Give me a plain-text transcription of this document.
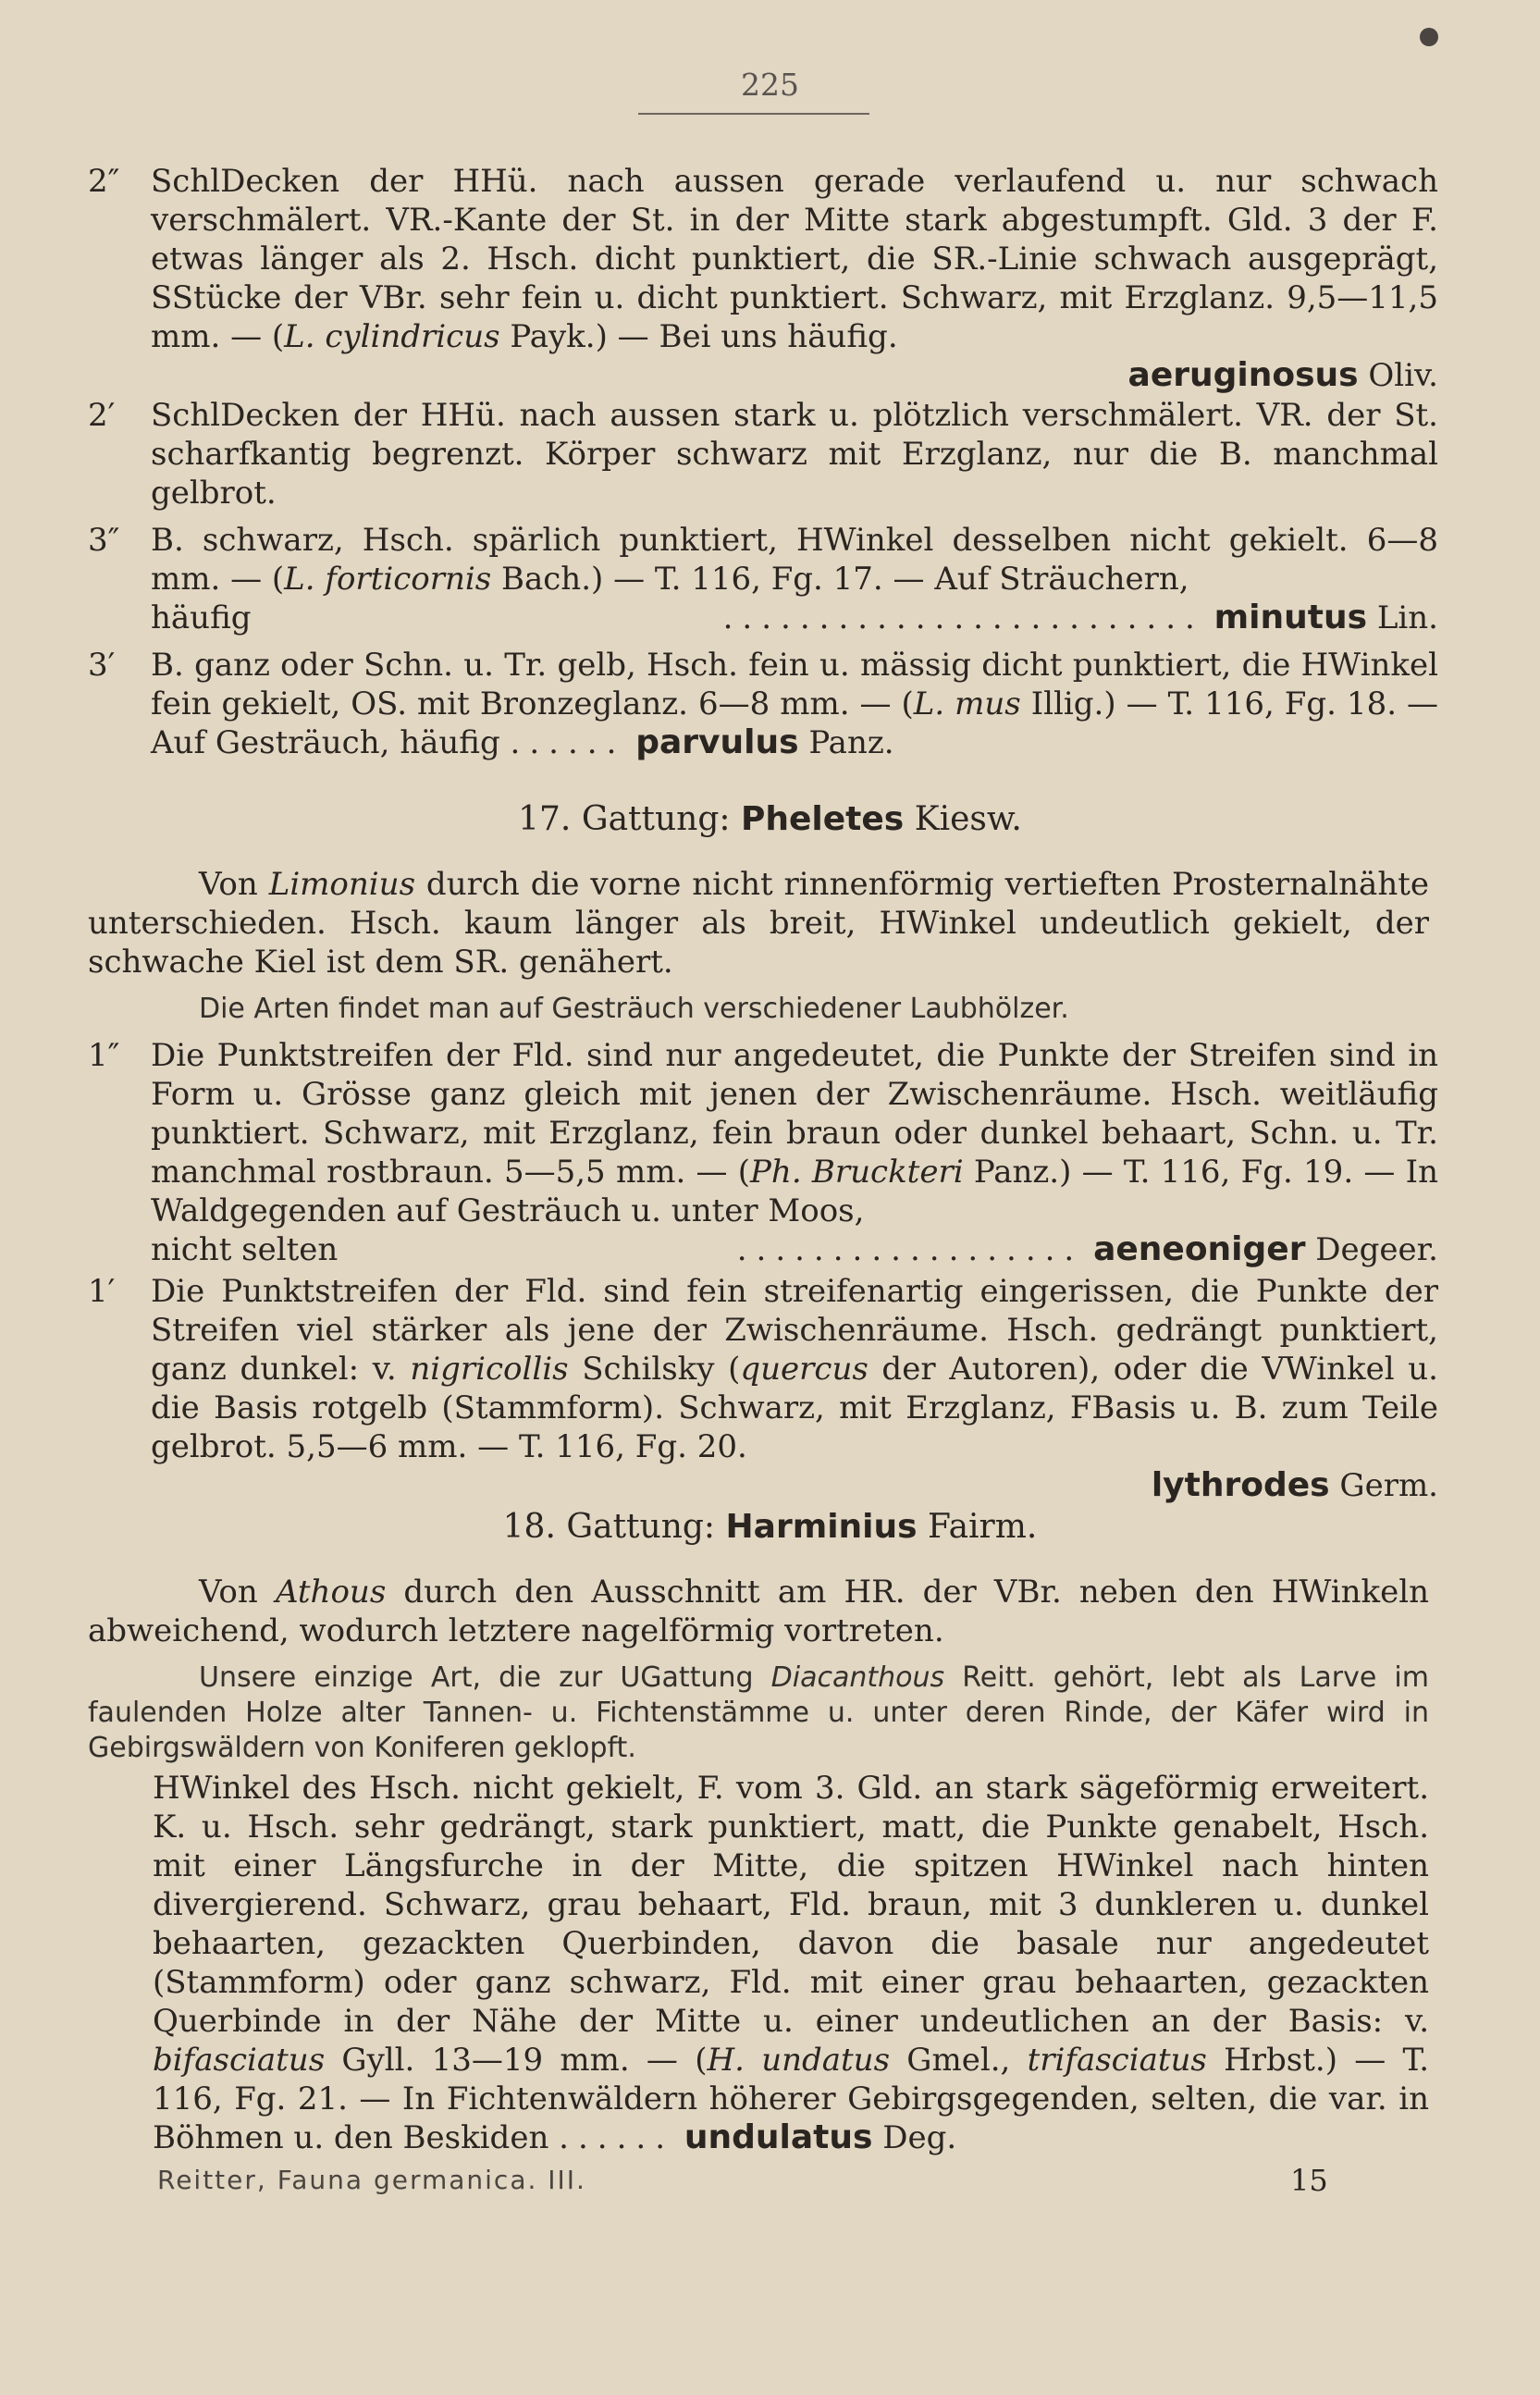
225
2″ SchlDecken der HHü. nach aussen gerade verlaufend u. nur schwach verschmälert. VR.-Kante der St. in der Mitte stark abgestumpft. Gld. 3 der F. etwas länger als 2. Hsch. dicht punktiert, die SR.-Linie schwach ausgeprägt, SStücke der VBr. sehr fein u. dicht punktiert. Schwarz, mit Erzglanz. 9,5—11,5 mm. — (L. cylindricus Payk.) — Bei uns häufig.
aeruginosus Oliv.
2′	SchlDecken der HHü. nach aussen stark u. plötzlich verschmälert. VR. der St. scharfkantig begrenzt. Körper schwarz mit Erzglanz, nur die B. manchmal gelbrot.
3″ B. schwarz, Hsch. spärlich punktiert, HWinkel desselben nicht gekielt. 6—8 mm. — (L. forticornis Bach.) — T. 116, Fg. 17. — Auf Sträuchern,
häufig	......................... minutus Lin.
3′	B. ganz oder Schn. u. Tr. gelb, Hsch. fein u. mässig dicht punktiert, die HWinkel fein gekielt, OS. mit Bronzeglanz. 6—8 mm. — (L. mus Illig.) — T. 116, Fg. 18. — Auf Gesträuch, häufig ...... parvulus Panz.
17. Gattung: Pheletes Kiesw.
Von Limonius durch die vorne nicht rinnenförmig vertieften Prosternalnähte unterschieden. Hsch. kaum länger als breit, HWinkel undeutlich gekielt, der schwache Kiel ist dem SR. genähert.
Die Arten findet man auf Gesträuch verschiedener Laubhölzer.
1″ Die Punktstreifen der Fld. sind nur angedeutet, die Punkte der Streifen sind in Form u. Grösse ganz gleich mit jenen der Zwischenräume. Hsch. weitläufig punktiert. Schwarz, mit Erzglanz, fein braun oder dunkel behaart, Schn. u. Tr. manchmal rostbraun. 5—5,5 mm. — (Ph. Bruckteri Panz.) — T. 116, Fg. 19. — In Waldgegenden auf Gesträuch u. unter Moos,
nicht selten	.................. aeneoniger Degeer.
1′	Die Punktstreifen der Fld. sind fein streifenartig eingerissen, die Punkte der Streifen viel stärker als jene der Zwischenräume. Hsch. gedrängt punktiert, ganz dunkel: v. nigricollis Schilsky (quercus der Autoren), oder die VWinkel u. die Basis rotgelb (Stammform). Schwarz, mit Erzglanz, FBasis u. B. zum Teile gelbrot. 5,5—6 mm. — T. 116, Fg. 20.
lythrodes Germ.
18. Gattung: Harminius Fairm.
Von Athous durch den Ausschnitt am HR. der VBr. neben den HWinkeln abweichend, wodurch letztere nagelförmig vortreten.
Unsere einzige Art, die zur UGattung Diacanthous Reitt. gehört, lebt als Larve im faulenden Holze alter Tannen- u. Fichtenstämme u. unter deren Rinde, der Käfer wird in Gebirgswäldern von Koniferen geklopft.
HWinkel des Hsch. nicht gekielt, F. vom 3. Gld. an stark sägeförmig erweitert. K. u. Hsch. sehr gedrängt, stark punktiert, matt, die Punkte genabelt, Hsch. mit einer Längsfurche in der Mitte, die spitzen HWinkel nach hinten divergierend. Schwarz, grau behaart, Fld. braun, mit 3 dunkleren u. dunkel behaarten, gezackten Querbinden, davon die basale nur angedeutet (Stammform) oder ganz schwarz, Fld. mit einer grau behaarten, gezackten Querbinde in der Nähe der Mitte u. einer undeutlichen an der Basis: v. bifasciatus Gyll. 13—19 mm. — (H. undatus Gmel., trifasciatus Hrbst.) — T. 116, Fg. 21. — In Fichtenwäldern höherer Gebirgsgegenden, selten, die var. in Böhmen u. den Beskiden ...... undulatus Deg.
Reitter, Fauna germanica. III.	15
